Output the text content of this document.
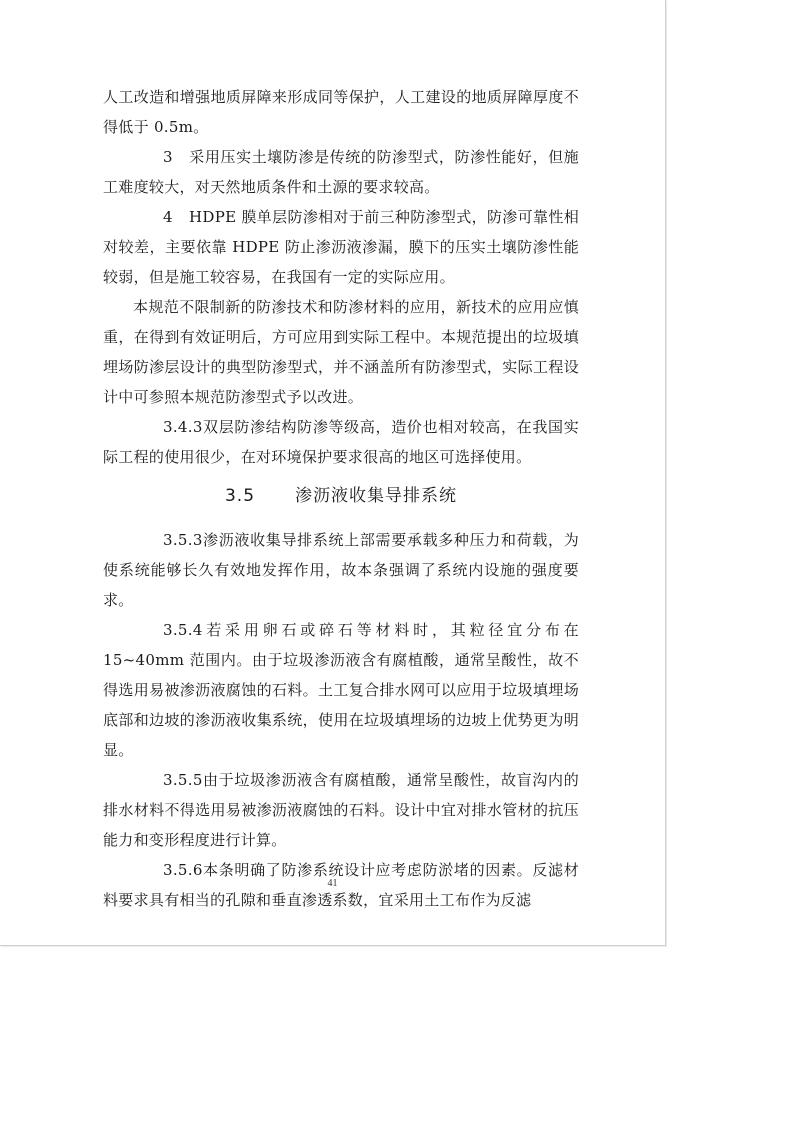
人工改造和增强地质屏障来形成同等保护，人工建设的地质屏障厚度不得低于 0.5m。

3 采用压实土壤防渗是传统的防渗型式，防渗性能好，但施工难度较大，对天然地质条件和土源的要求较高。

4 HDPE 膜单层防渗相对于前三种防渗型式，防渗可靠性相对较差，主要依靠 HDPE 防止渗沥液渗漏，膜下的压实土壤防渗性能较弱，但是施工较容易，在我国有一定的实际应用。

本规范不限制新的防渗技术和防渗材料的应用，新技术的应用应慎重，在得到有效证明后，方可应用到实际工程中。本规范提出的垃圾填埋场防渗层设计的典型防渗型式，并不涵盖所有防渗型式，实际工程设计中可参照本规范防渗型式予以改进。

3.4.3双层防渗结构防渗等级高，造价也相对较高，在我国实际工程的使用很少，在对环境保护要求很高的地区可选择使用。

3.5 渗沥液收集导排系统

3.5.3渗沥液收集导排系统上部需要承载多种压力和荷载，为使系统能够长久有效地发挥作用，故本条强调了系统内设施的强度要求。

3.5.4若采用卵石或碎石等材料时，其粒径宜分布在 15~40mm 范围内。由于垃圾渗沥液含有腐植酸，通常呈酸性，故不得选用易被渗沥液腐蚀的石料。土工复合排水网可以应用于垃圾填埋场底部和边坡的渗沥液收集系统，使用在垃圾填埋场的边坡上优势更为明显。

3.5.5由于垃圾渗沥液含有腐植酸，通常呈酸性，故盲沟内的排水材料不得选用易被渗沥液腐蚀的石料。设计中宜对排水管材的抗压能力和变形程度进行计算。

3.5.6本条明确了防渗系统设计应考虑防淤堵的因素。反滤材料要求具有相当的孔隙和垂直渗透系数，宜采用土工布作为反滤

41
